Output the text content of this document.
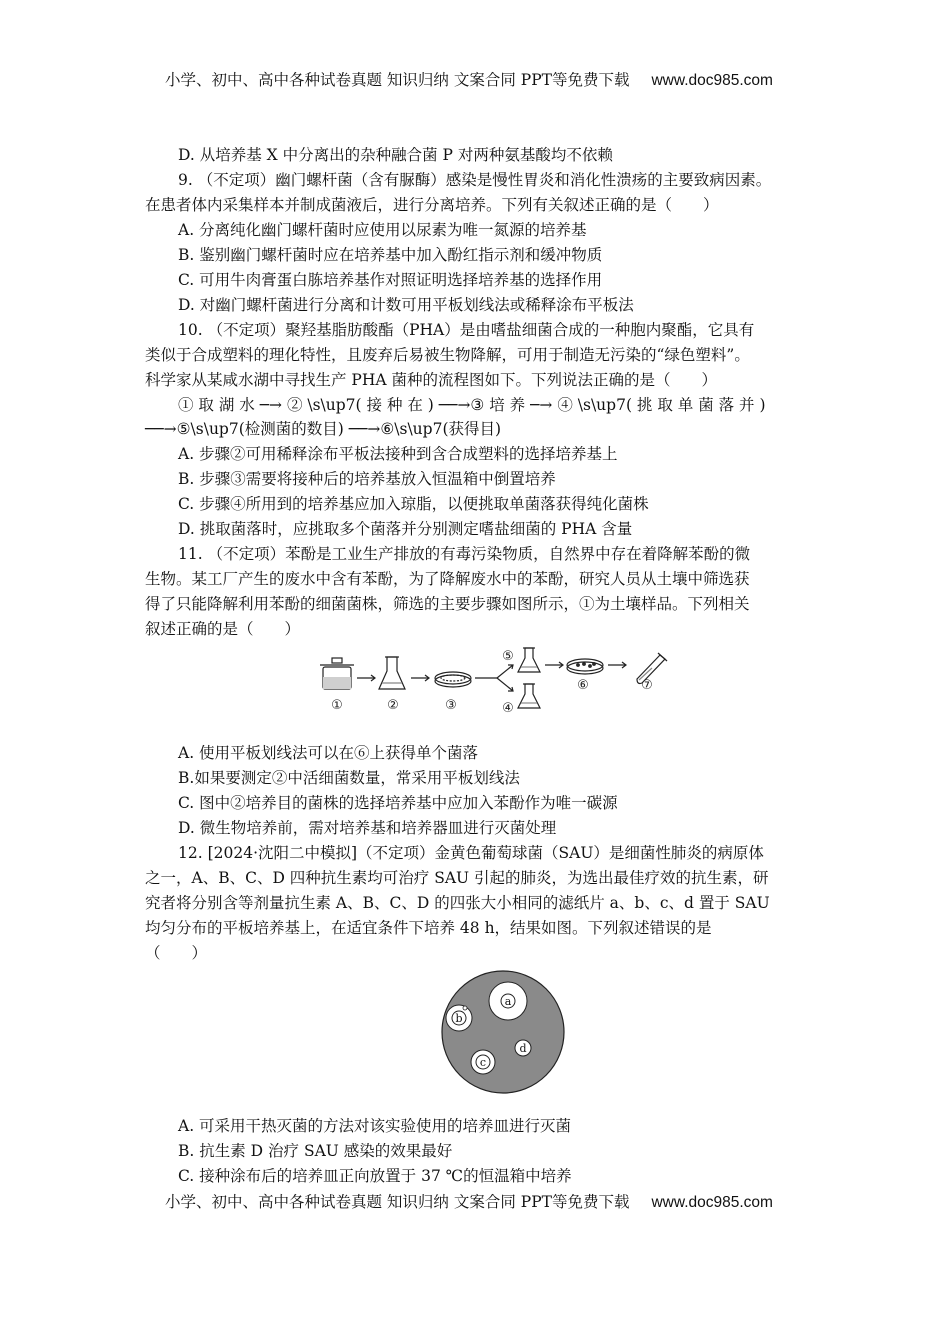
小学、初中、高中各种试卷真题 知识归纳 文案合同 PPT等免费下载 www.doc985.com
D. 从培养基 X 中分离出的杂种融合菌 P 对两种氨基酸均不依赖
9. （不定项）幽门螺杆菌（含有脲酶）感染是慢性胃炎和消化性溃疡的主要致病因素。
在患者体内采集样本并制成菌液后，进行分离培养。下列有关叙述正确的是（　　）
A. 分离纯化幽门螺杆菌时应使用以尿素为唯一氮源的培养基
B. 鉴别幽门螺杆菌时应在培养基中加入酚红指示剂和缓冲物质
C. 可用牛肉膏蛋白胨培养基作对照证明选择培养基的选择作用
D. 对幽门螺杆菌进行分离和计数可用平板划线法或稀释涂布平板法
10. （不定项）聚羟基脂肪酸酯（PHA）是由嗜盐细菌合成的一种胞内聚酯，它具有
类似于合成塑料的理化特性，且废弃后易被生物降解，可用于制造无污染的“绿色塑料”。
科学家从某咸水湖中寻找生产 PHA 菌种的流程图如下。下列说法正确的是（　　）
① 取 湖 水 ─→ ② \s\up7( 接 种 在 ) ──→③ 培 养 ─→ ④ \s\up7( 挑 取 单 菌 落 并 )
──→⑤\s\up7(检测菌的数目) ──→⑥\s\up7(获得目)
A. 步骤②可用稀释涂布平板法接种到含合成塑料的选择培养基上
B. 步骤③需要将接种后的培养基放入恒温箱中倒置培养
C. 步骤④所用到的培养基应加入琼脂，以便挑取单菌落获得纯化菌株
D. 挑取菌落时，应挑取多个菌落并分别测定嗜盐细菌的 PHA 含量
11. （不定项）苯酚是工业生产排放的有毒污染物质，自然界中存在着降解苯酚的微
生物。某工厂产生的废水中含有苯酚，为了降解废水中的苯酚，研究人员从土壤中筛选获
得了只能降解利用苯酚的细菌菌株，筛选的主要步骤如图所示，①为土壤样品。下列相关
叙述正确的是（　　）
①	②	③	④
⑤
⑥	⑦
A. 使用平板划线法可以在⑥上获得单个菌落
B.如果要测定②中活细菌数量，常采用平板划线法
C. 图中②培养目的菌株的选择培养基中应加入苯酚作为唯一碳源
D. 微生物培养前，需对培养基和培养器皿进行灭菌处理
12. [2024·沈阳二中模拟]（不定项）金黄色葡萄球菌（SAU）是细菌性肺炎的病原体
之一，A、B、C、D 四种抗生素均可治疗 SAU 引起的肺炎，为选出最佳疗效的抗生素，研
究者将分别含等剂量抗生素 A、B、C、D 的四张大小相同的滤纸片 a、b、c、d 置于 SAU
均匀分布的平板培养基上，在适宜条件下培养 48 h，结果如图。下列叙述错误的是
（　　）
a
b
c
d
A. 可采用干热灭菌的方法对该实验使用的培养皿进行灭菌
B. 抗生素 D 治疗 SAU 感染的效果最好
C. 接种涂布后的培养皿正向放置于 37 ℃的恒温箱中培养
小学、初中、高中各种试卷真题 知识归纳 文案合同 PPT等免费下载 www.doc985.com
